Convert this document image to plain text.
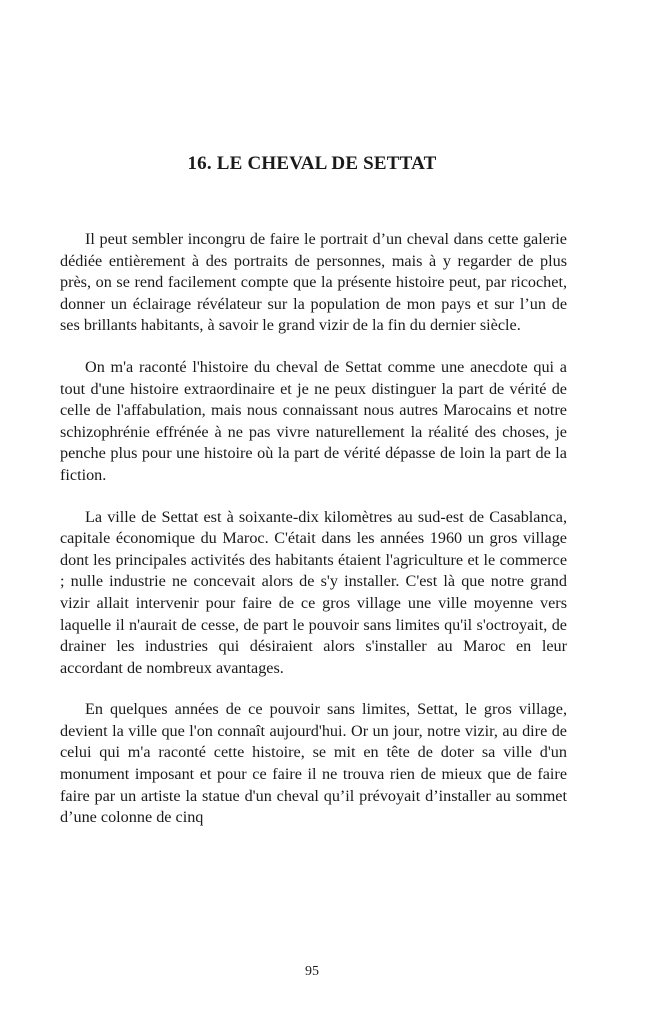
16. LE CHEVAL DE SETTAT

Il peut sembler incongru de faire le portrait d’un cheval dans cette galerie dédiée entièrement à des portraits de personnes, mais à y regarder de plus près, on se rend facilement compte que la présente histoire peut, par ricochet, donner un éclairage révélateur sur la population de mon pays et sur l’un de ses brillants habitants, à savoir le grand vizir de la fin du dernier siècle.

On m'a raconté l'histoire du cheval de Settat comme une anecdote qui a tout d'une histoire extraordinaire et je ne peux distinguer la part de vérité de celle de l'affabulation, mais nous connaissant nous autres Marocains et notre schizophrénie effrénée à ne pas vivre naturellement la réalité des choses, je penche plus pour une histoire où la part de vérité dépasse de loin la part de la fiction.

La ville de Settat est à soixante-dix kilomètres au sud-est de Casablanca, capitale économique du Maroc. C'était dans les années 1960 un gros village dont les principales activités des habitants étaient l'agriculture et le commerce ; nulle industrie ne concevait alors de s'y installer. C'est là que notre grand vizir allait intervenir pour faire de ce gros village une ville moyenne vers laquelle il n'aurait de cesse, de part le pouvoir sans limites qu'il s'octroyait, de drainer les industries qui désiraient alors s'installer au Maroc en leur accordant de nombreux avantages.

En quelques années de ce pouvoir sans limites, Settat, le gros village, devient la ville que l'on connaît aujourd'hui. Or un jour, notre vizir, au dire de celui qui m'a raconté cette histoire, se mit en tête de doter sa ville d'un monument imposant et pour ce faire il ne trouva rien de mieux que de faire faire par un artiste la statue d'un cheval qu’il prévoyait d’installer au sommet d’une colonne de cinq

95
